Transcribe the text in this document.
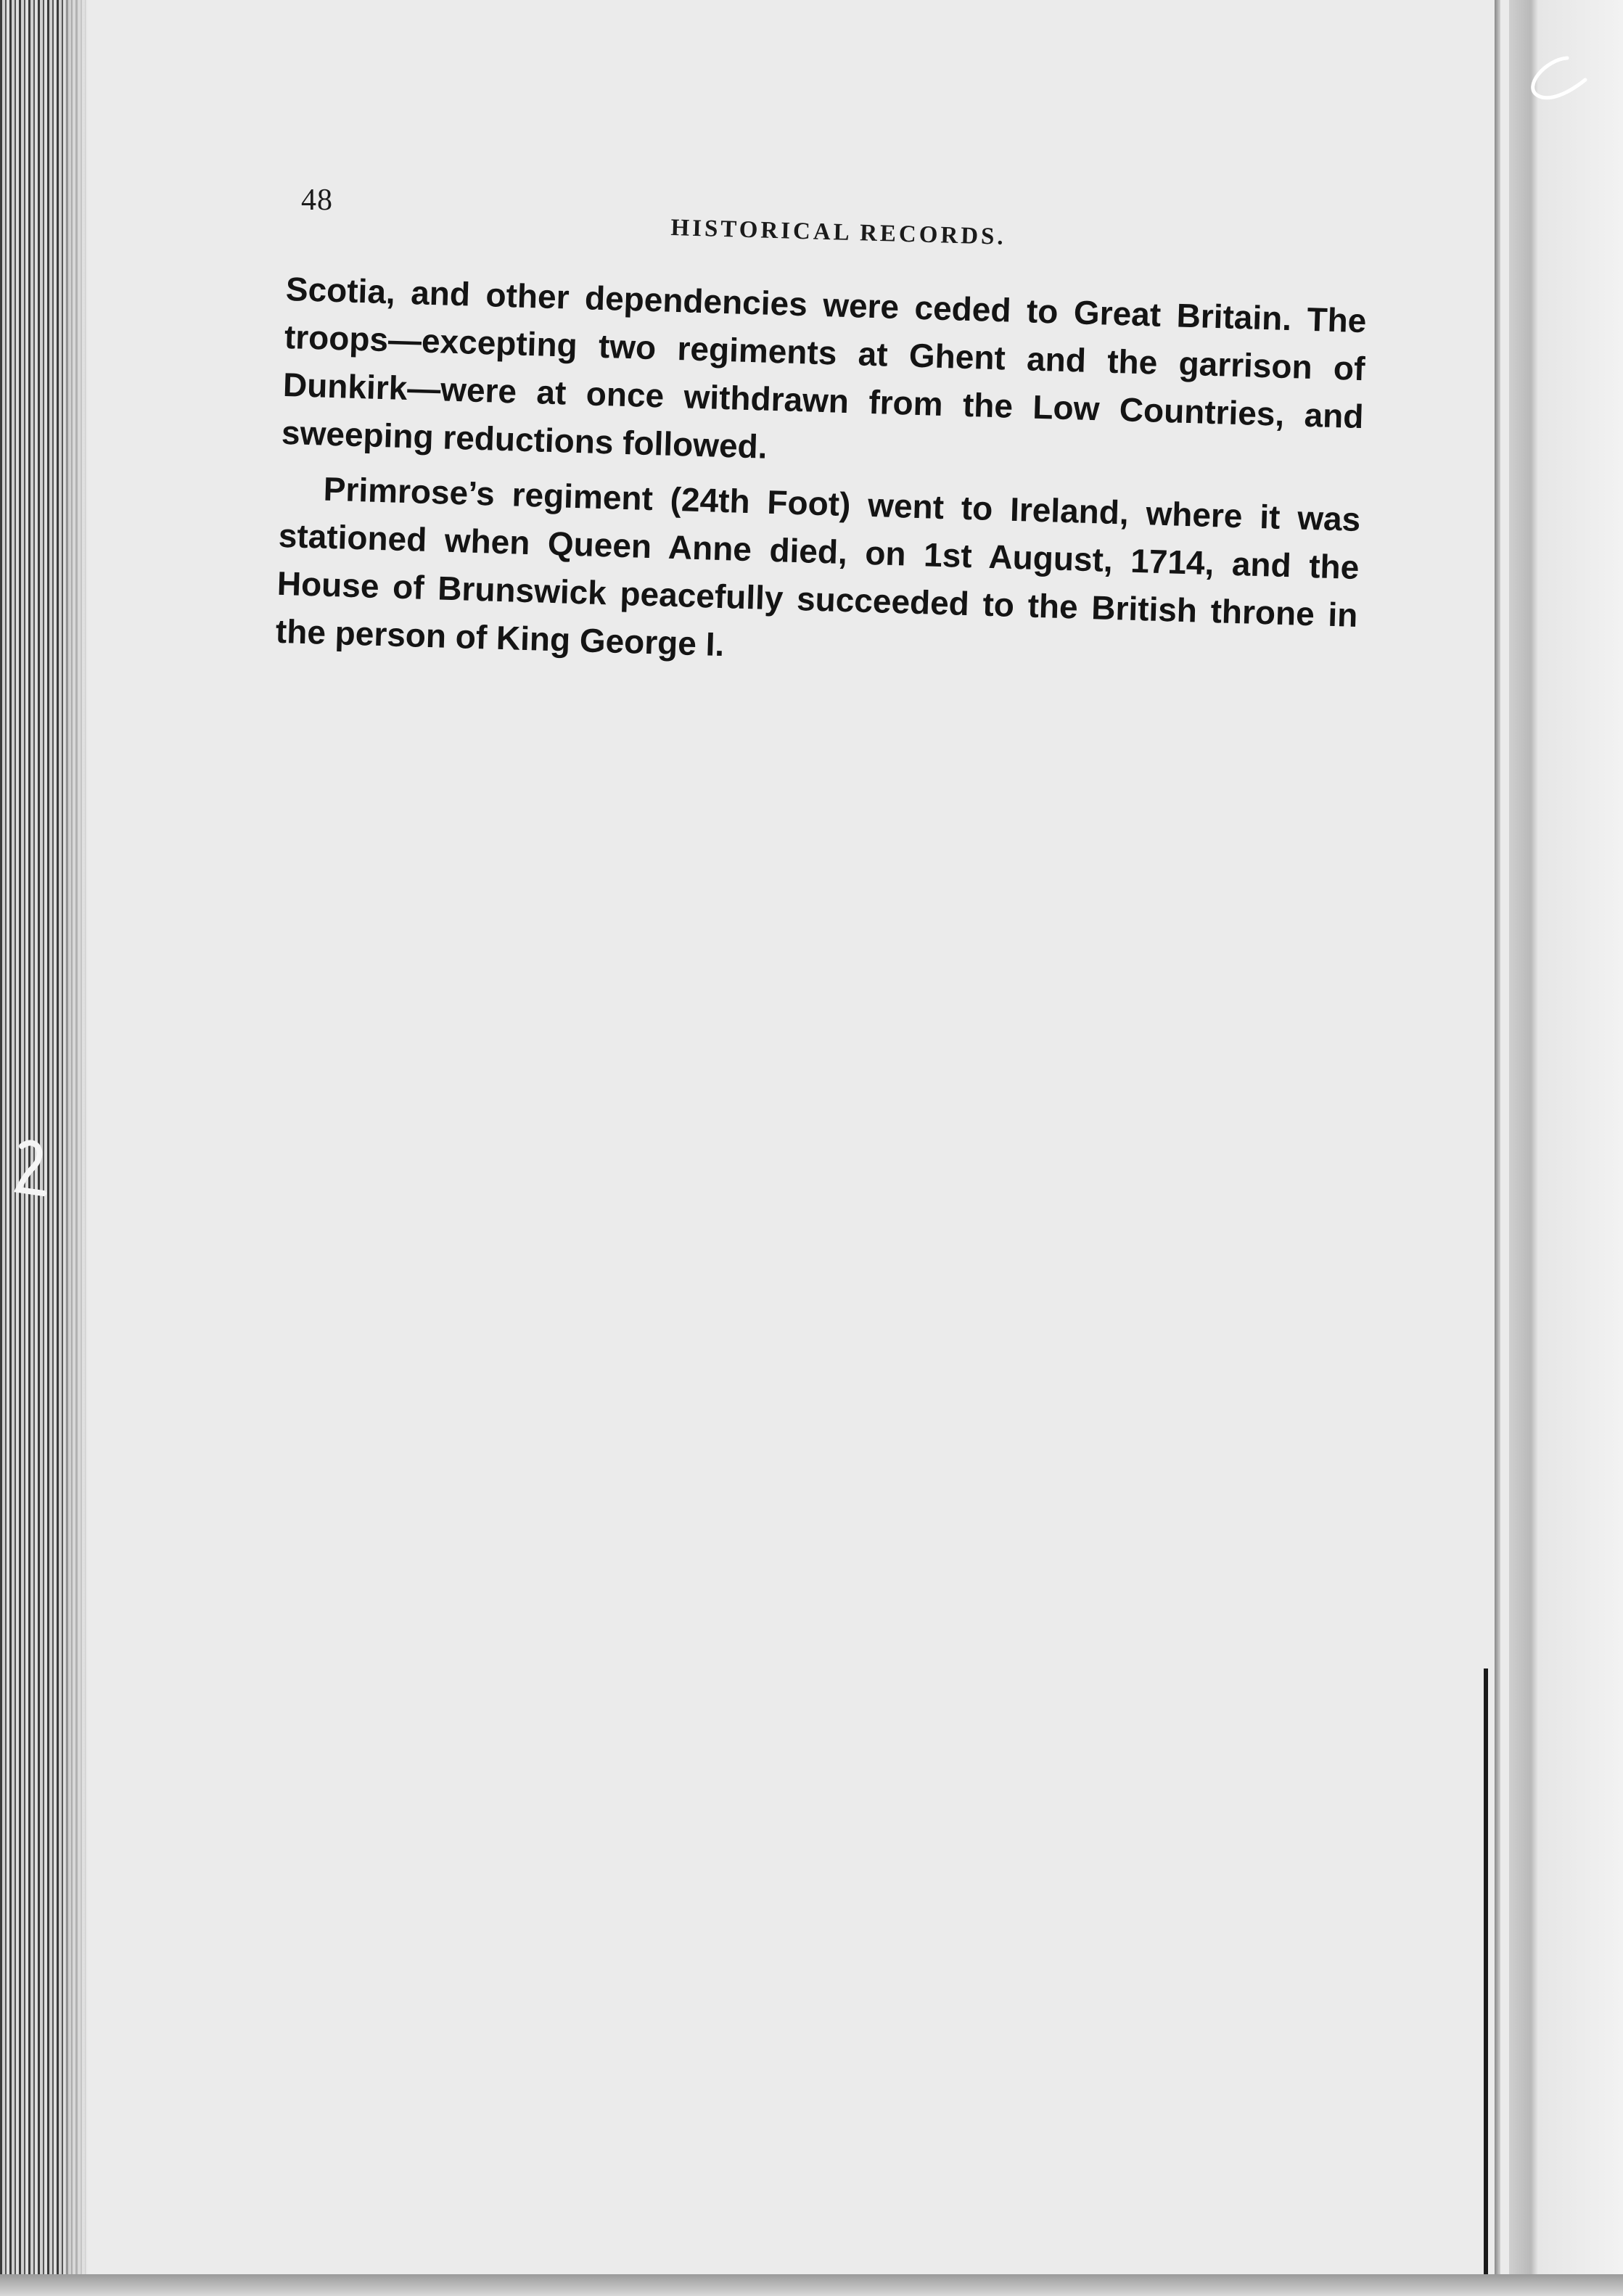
48
HISTORICAL RECORDS.

Scotia, and other dependencies were ceded to Great Britain. The troops—excepting two regiments at Ghent and the garrison of Dunkirk—were at once withdrawn from the Low Countries, and sweeping reductions followed.

Primrose’s regiment (24th Foot) went to Ireland, where it was stationed when Queen Anne died, on 1st August, 1714, and the House of Brunswick peacefully succeeded to the British throne in the person of King George I.
